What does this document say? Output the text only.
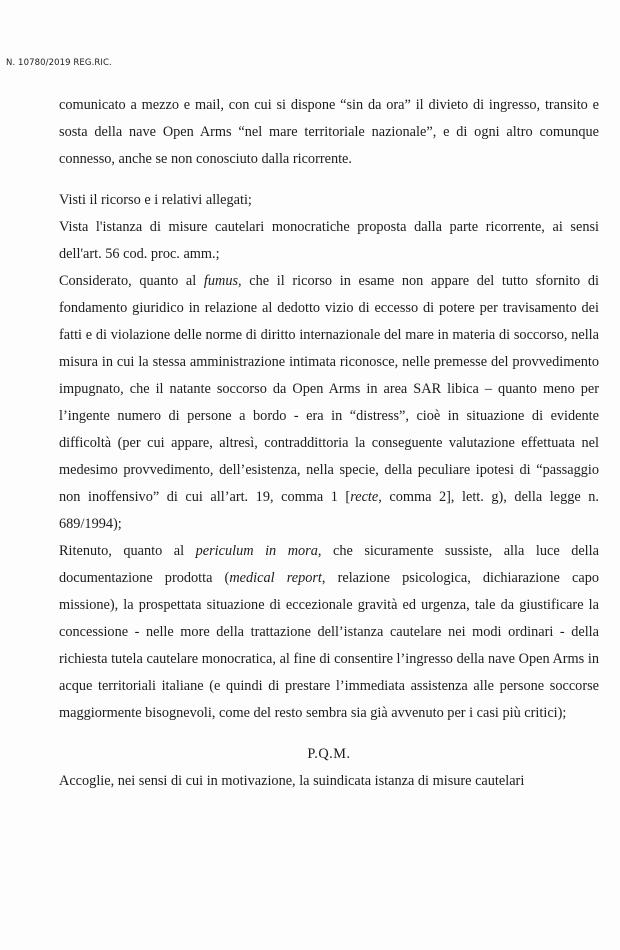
N. 10780/2019 REG.RIC.

comunicato a mezzo e mail, con cui si dispone “sin da ora” il divieto di ingresso, transito e sosta della nave Open Arms “nel mare territoriale nazionale”, e di ogni altro comunque connesso, anche se non conosciuto dalla ricorrente.

Visti il ricorso e i relativi allegati;

Vista l'istanza di misure cautelari monocratiche proposta dalla parte ricorrente, ai sensi dell'art. 56 cod. proc. amm.;

Considerato, quanto al fumus, che il ricorso in esame non appare del tutto sfornito di fondamento giuridico in relazione al dedotto vizio di eccesso di potere per travisamento dei fatti e di violazione delle norme di diritto internazionale del mare in materia di soccorso, nella misura in cui la stessa amministrazione intimata riconosce, nelle premesse del provvedimento impugnato, che il natante soccorso da Open Arms in area SAR libica – quanto meno per l’ingente numero di persone a bordo - era in “distress”, cioè in situazione di evidente difficoltà (per cui appare, altresì, contraddittoria la conseguente valutazione effettuata nel medesimo provvedimento, dell’esistenza, nella specie, della peculiare ipotesi di “passaggio non inoffensivo” di cui all’art. 19, comma 1 [recte, comma 2], lett. g), della legge n. 689/1994);

Ritenuto, quanto al periculum in mora, che sicuramente sussiste, alla luce della documentazione prodotta (medical report, relazione psicologica, dichiarazione capo missione), la prospettata situazione di eccezionale gravità ed urgenza, tale da giustificare la concessione - nelle more della trattazione dell’istanza cautelare nei modi ordinari - della richiesta tutela cautelare monocratica, al fine di consentire l’ingresso della nave Open Arms in acque territoriali italiane (e quindi di prestare l’immediata assistenza alle persone soccorse maggiormente bisognevoli, come del resto sembra sia già avvenuto per i casi più critici);

P.Q.M.

Accoglie, nei sensi di cui in motivazione, la suindicata istanza di misure cautelari
